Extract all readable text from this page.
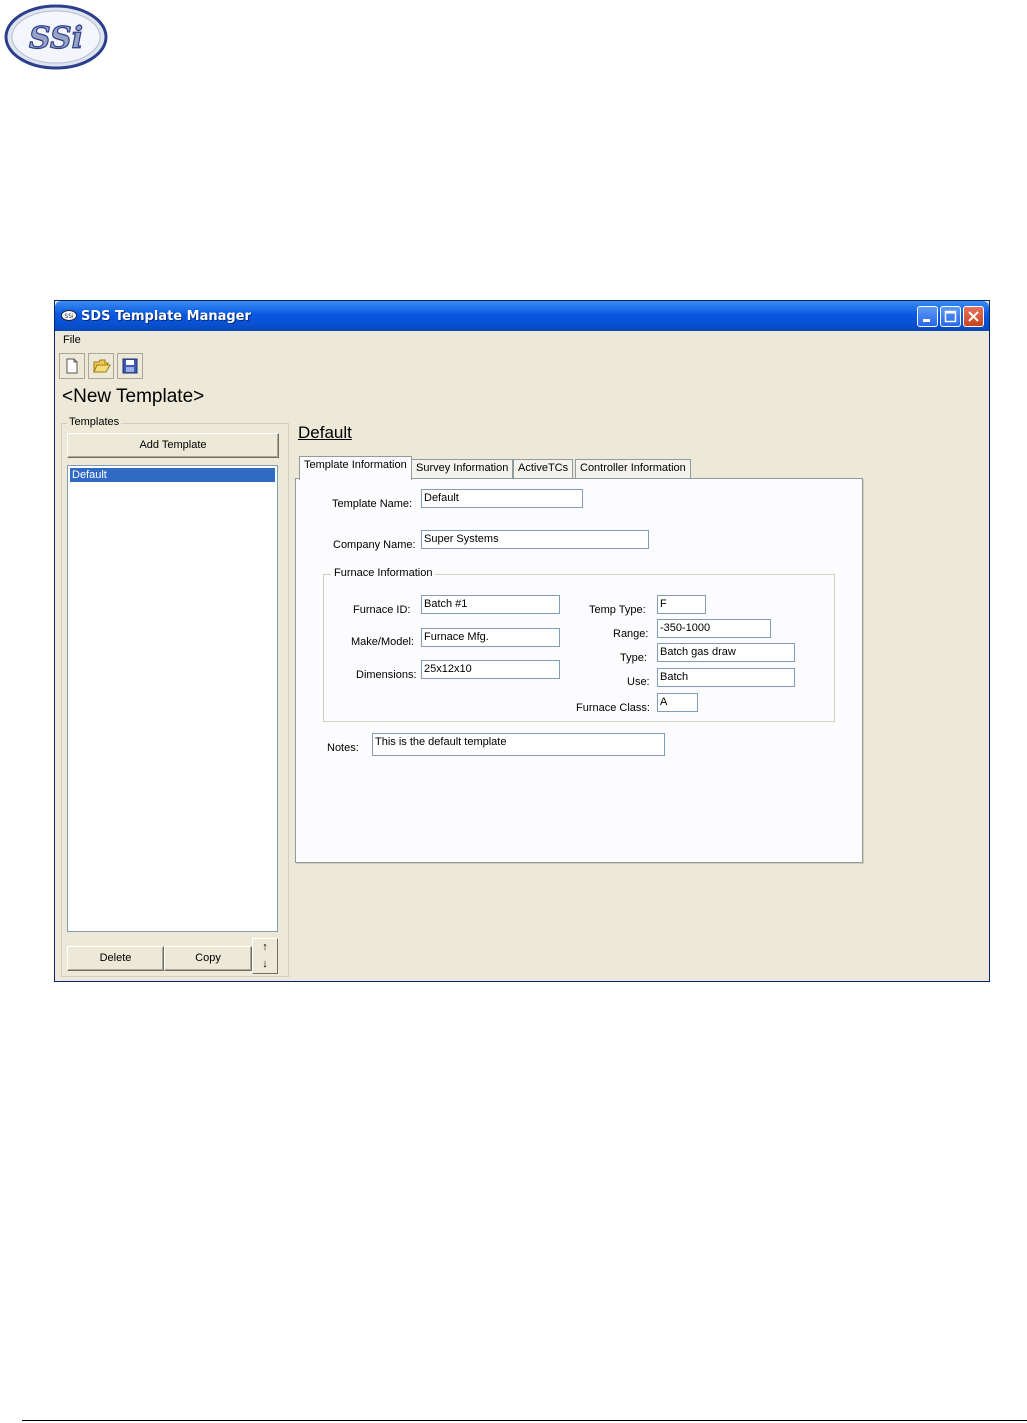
SSi
SSi SDS Template Manager
File
<New Template>
Templates
Add Template
Default
Delete	Copy
↑
↓
Default
Template Information Survey Information ActiveTCs	Controller Information
Template Name: Default
Company Name: Super Systems
Furnace Information
Furnace ID: Batch #1
Make/Model: Furnace Mfg.
Dimensions: 25x12x10
Temp Type: F
Range: -350-1000
Type: Batch gas draw
Use: Batch
Furnace Class: A
Notes: This is the default template
